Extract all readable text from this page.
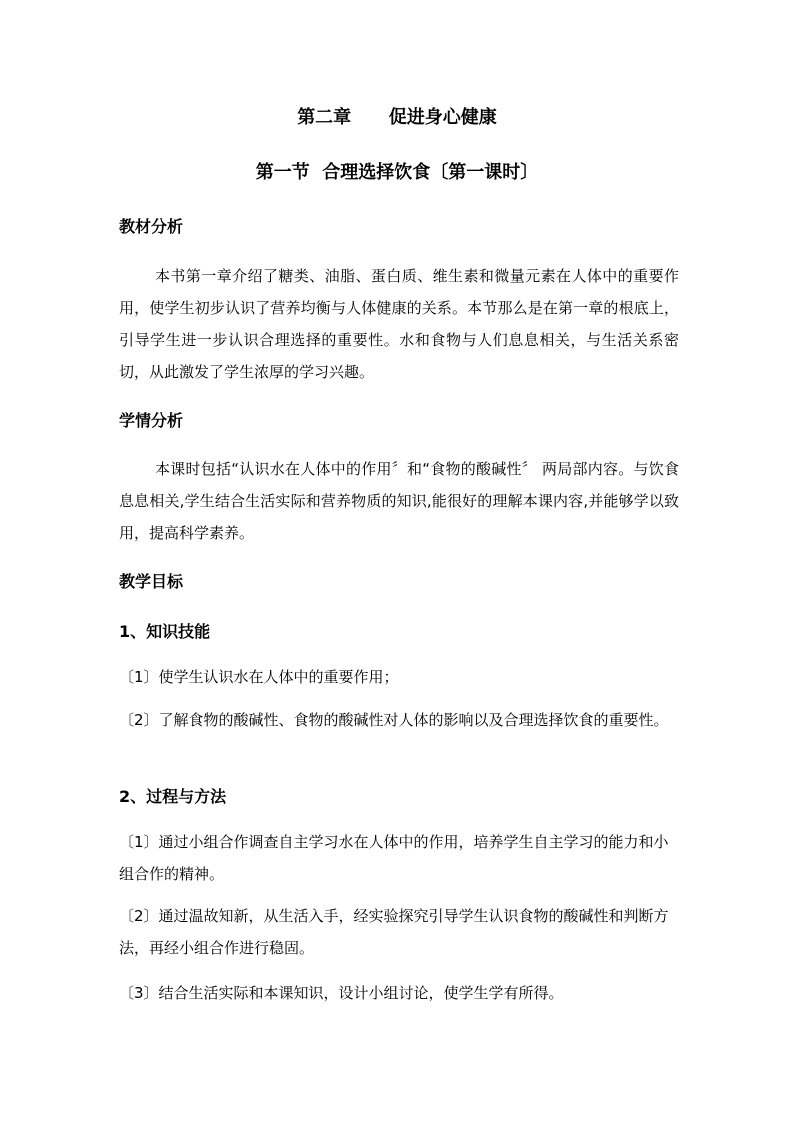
第二章      促进身心健康
第一节  合理选择饮食〔第一课时〕
教材分析
本书第一章介绍了糖类、油脂、蛋白质、维生素和微量元素在人体中的重要作用，使学生初步认识了营养均衡与人体健康的关系。本节那么是在第一章的根底上，引导学生进一步认识合理选择的重要性。水和食物与人们息息相关，与生活关系密切，从此激发了学生浓厚的学习兴趣。
学情分析
本课时包括“认识水在人体中的作用〞和“食物的酸碱性〞 两局部内容。与饮食息息相关,学生结合生活实际和营养物质的知识,能很好的理解本课内容,并能够学以致用，提高科学素养。
教学目标
1、知识技能
〔1〕使学生认识水在人体中的重要作用；
〔2〕了解食物的酸碱性、食物的酸碱性对人体的影响以及合理选择饮食的重要性。
2、过程与方法
〔1〕通过小组合作调查自主学习水在人体中的作用，培养学生自主学习的能力和小组合作的精神。
〔2〕通过温故知新，从生活入手，经实验探究引导学生认识食物的酸碱性和判断方法，再经小组合作进行稳固。
〔3〕结合生活实际和本课知识，设计小组讨论，使学生学有所得。
